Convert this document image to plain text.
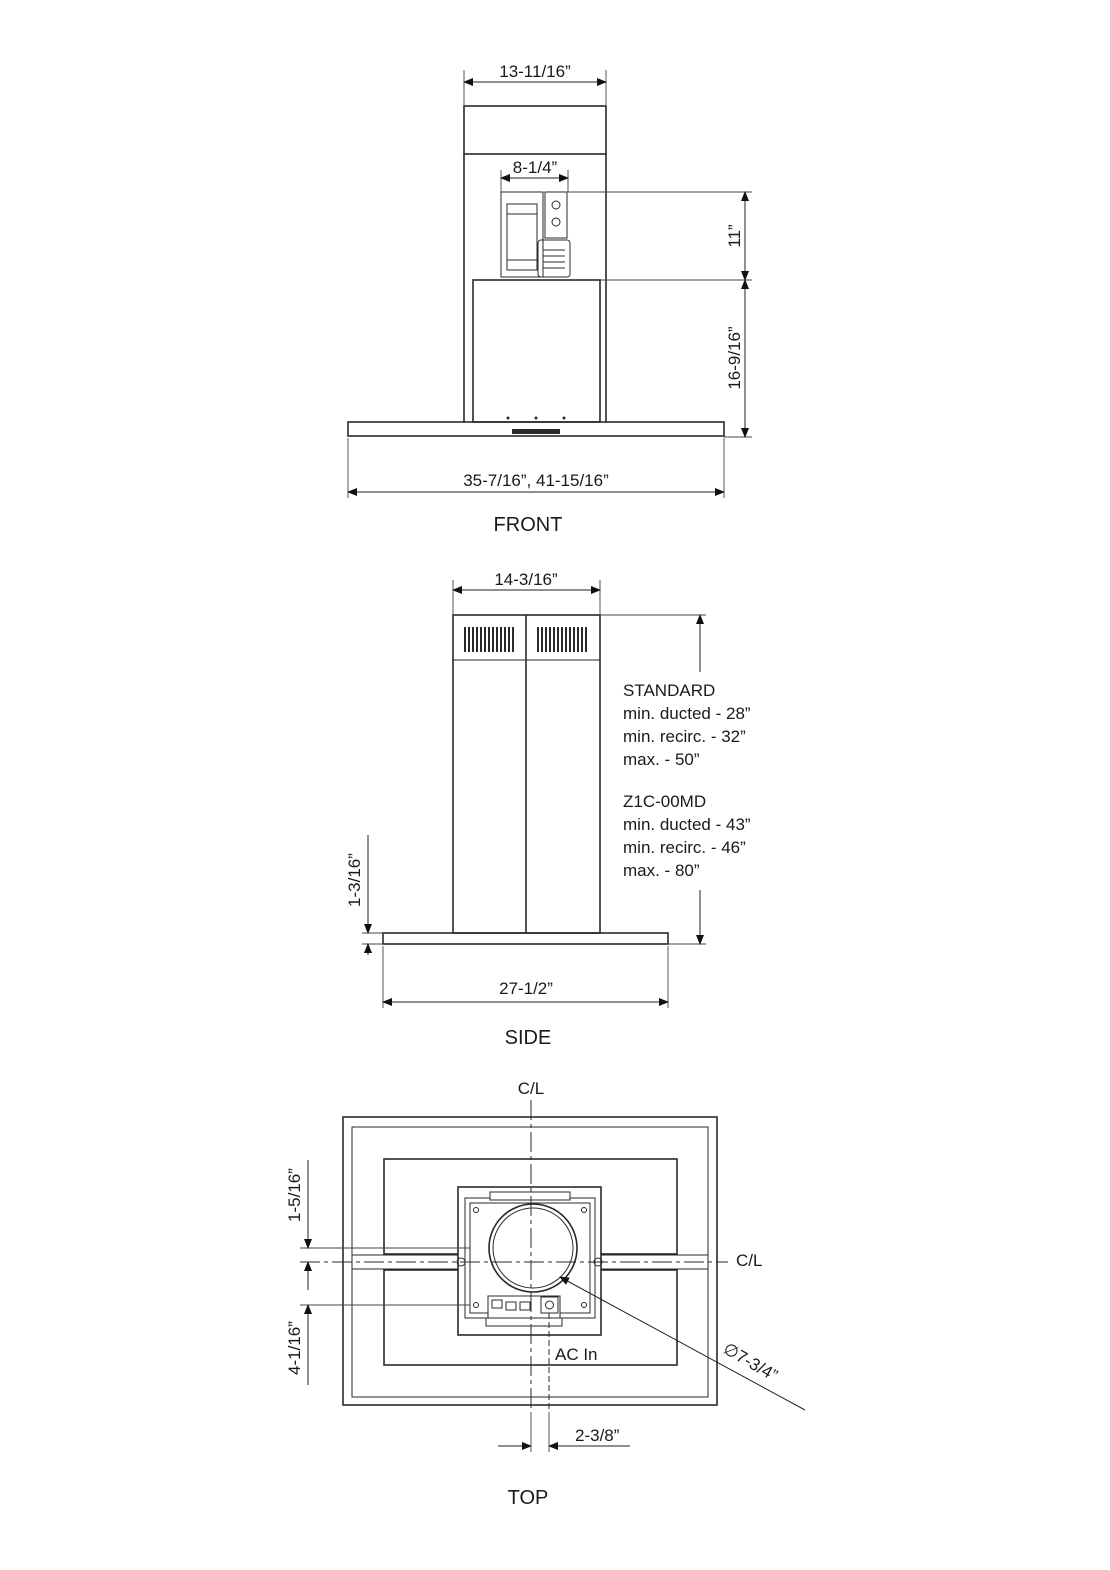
13-11/16”
8-1/4”
11”
16-9/16”
35-7/16”, 41-15/16”
FRONT
14-3/16”
STANDARD
min. ducted - 28”
min. recirc. - 32”
max. - 50”
Z1C-00MD
min. ducted - 43”
min. recirc. - 46”
max. - 80”
1-3/16”
27-1/2”
SIDE
C/L
C/L
1-5/16”
4-1/16”	∅7-3/4”
AC In
2-3/8”
TOP
